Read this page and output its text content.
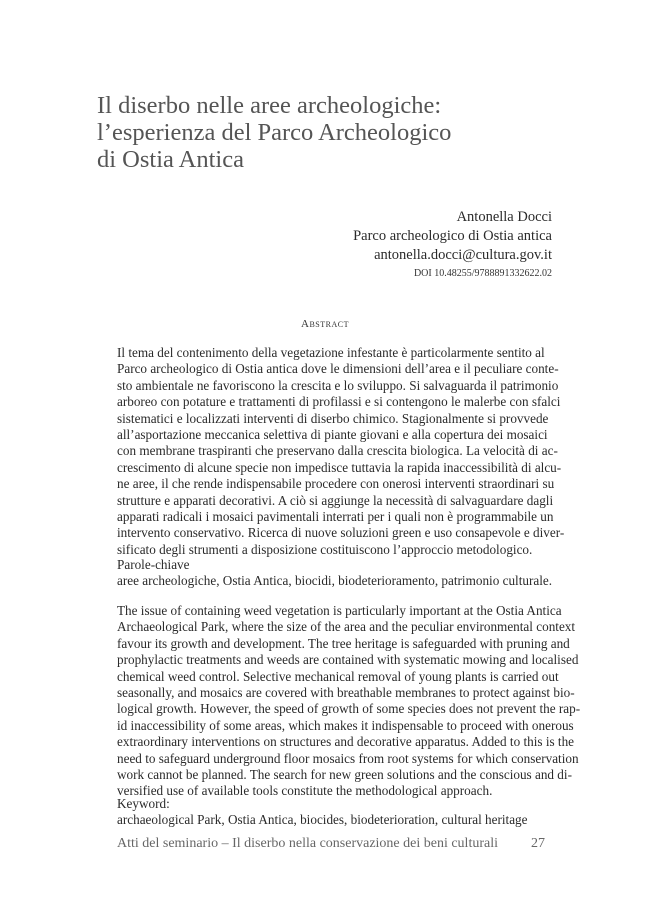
Il diserbo nelle aree archeologiche:
l’esperienza del Parco Archeologico
di Ostia Antica
Antonella Docci
Parco archeologico di Ostia antica
antonella.docci@cultura.gov.it
DOI 10.48255/9788891332622.02
Abstract

Il tema del contenimento della vegetazione infestante è particolarmente sentito al
Parco archeologico di Ostia antica dove le dimensioni dell’area e il peculiare conte-
sto ambientale ne favoriscono la crescita e lo sviluppo. Si salvaguarda il patrimonio
arboreo con potature e trattamenti di profilassi e si contengono le malerbe con sfalci
sistematici e localizzati interventi di diserbo chimico. Stagionalmente si provvede
all’asportazione meccanica selettiva di piante giovani e alla copertura dei mosaici
con membrane traspiranti che preservano dalla crescita biologica. La velocità di ac-
crescimento di alcune specie non impedisce tuttavia la rapida inaccessibilità di alcu-
ne aree, il che rende indispensabile procedere con onerosi interventi straordinari su
strutture e apparati decorativi. A ciò si aggiunge la necessità di salvaguardare dagli
apparati radicali i mosaici pavimentali interrati per i quali non è programmabile un
intervento conservativo. Ricerca di nuove soluzioni green e uso consapevole e diver-
sificato degli strumenti a disposizione costituiscono l’approccio metodologico.

Parole-chiave
aree archeologiche, Ostia Antica, biocidi, biodeterioramento, patrimonio culturale.

The issue of containing weed vegetation is particularly important at the Ostia Antica
Archaeological Park, where the size of the area and the peculiar environmental context
favour its growth and development. The tree heritage is safeguarded with pruning and
prophylactic treatments and weeds are contained with systematic mowing and localised
chemical weed control. Selective mechanical removal of young plants is carried out
seasonally, and mosaics are covered with breathable membranes to protect against bio-
logical growth. However, the speed of growth of some species does not prevent the rap-
id inaccessibility of some areas, which makes it indispensable to proceed with onerous
extraordinary interventions on structures and decorative apparatus. Added to this is the
need to safeguard underground floor mosaics from root systems for which conservation
work cannot be planned. The search for new green solutions and the conscious and di-
versified use of available tools constitute the methodological approach.

Keyword:
archaeological Park, Ostia Antica, biocides, biodeterioration, cultural heritage
Atti del seminario – Il diserbo nella conservazione dei beni culturali 27
